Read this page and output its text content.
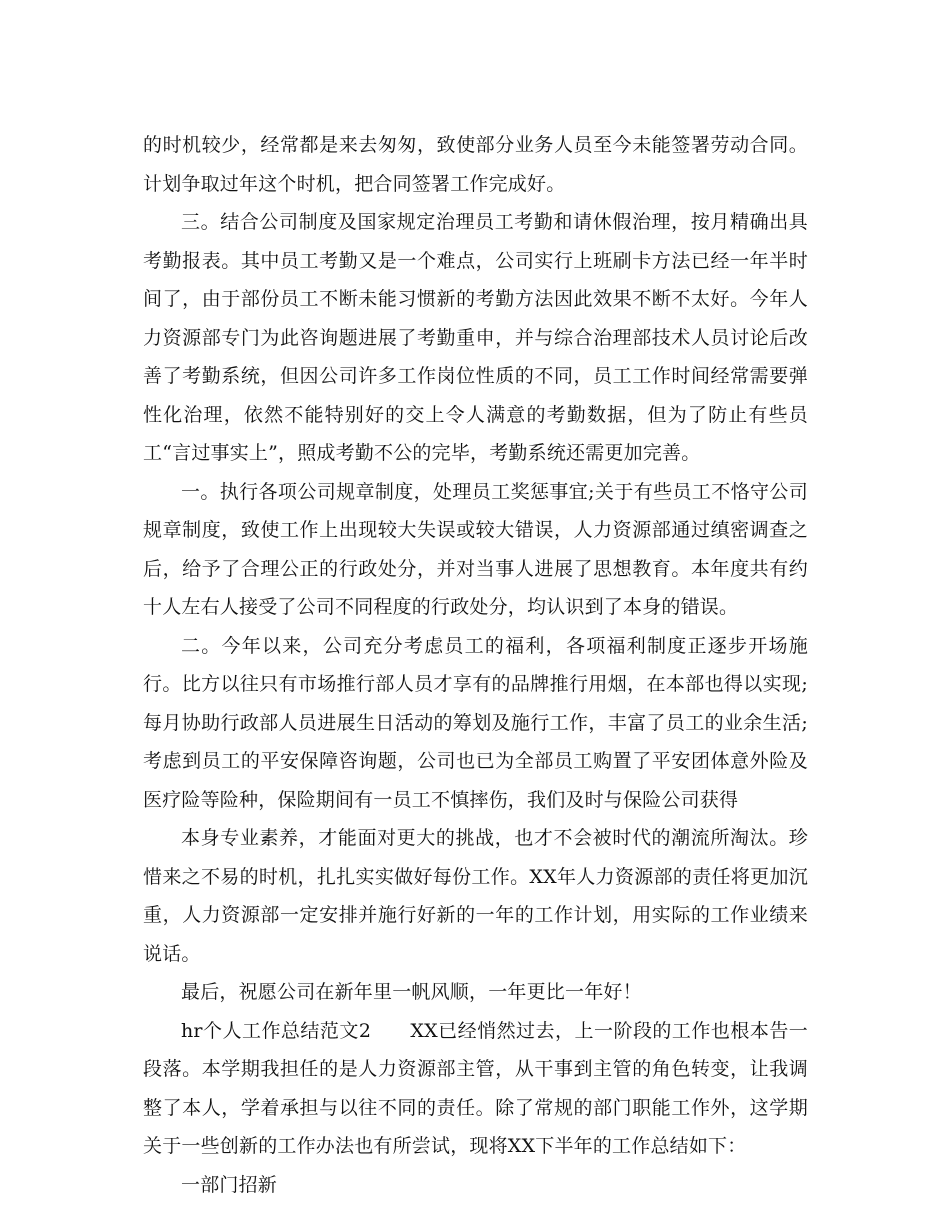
的时机较少，经常都是来去匆匆，致使部分业务人员至今未能签署劳动合同。计划争取过年这个时机，把合同签署工作完成好。

三。结合公司制度及国家规定治理员工考勤和请休假治理，按月精确出具考勤报表。其中员工考勤又是一个难点，公司实行上班刷卡方法已经一年半时间了，由于部份员工不断未能习惯新的考勤方法因此效果不断不太好。今年人力资源部专门为此咨询题进展了考勤重申，并与综合治理部技术人员讨论后改善了考勤系统，但因公司许多工作岗位性质的不同，员工工作时间经常需要弹性化治理，依然不能特别好的交上令人满意的考勤数据，但为了防止有些员工“言过事实上”，照成考勤不公的完毕，考勤系统还需更加完善。

一。执行各项公司规章制度，处理员工奖惩事宜;关于有些员工不恪守公司规章制度，致使工作上出现较大失误或较大错误，人力资源部通过缜密调查之后，给予了合理公正的行政处分，并对当事人进展了思想教育。本年度共有约十人左右人接受了公司不同程度的行政处分，均认识到了本身的错误。

二。今年以来，公司充分考虑员工的福利，各项福利制度正逐步开场施行。比方以往只有市场推行部人员才享有的品牌推行用烟，在本部也得以实现;每月协助行政部人员进展生日活动的筹划及施行工作，丰富了员工的业余生活;考虑到员工的平安保障咨询题，公司也已为全部员工购置了平安团体意外险及医疗险等险种，保险期间有一员工不慎摔伤，我们及时与保险公司获得

本身专业素养，才能面对更大的挑战，也才不会被时代的潮流所淘汰。珍惜来之不易的时机，扎扎实实做好每份工作。XX年人力资源部的责任将更加沉重，人力资源部一定安排并施行好新的一年的工作计划，用实际的工作业绩来说话。

最后，祝愿公司在新年里一帆风顺，一年更比一年好！

hr个人工作总结范文2　　XX已经悄然过去，上一阶段的工作也根本告一段落。本学期我担任的是人力资源部主管，从干事到主管的角色转变，让我调整了本人，学着承担与以往不同的责任。除了常规的部门职能工作外，这学期关于一些创新的工作办法也有所尝试，现将XX下半年的工作总结如下：

一部门招新
